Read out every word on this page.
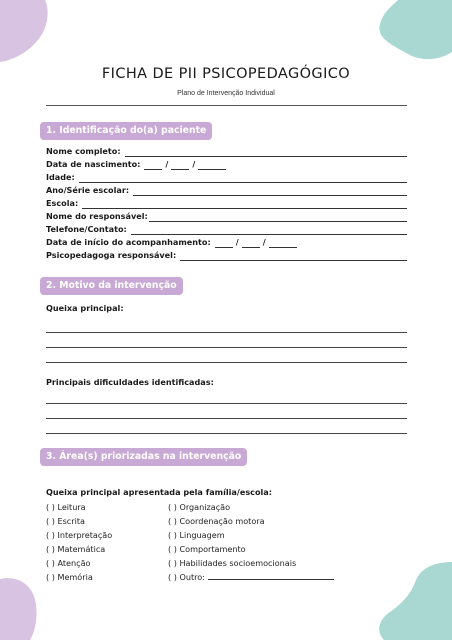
FICHA DE PII PSICOPEDAGÓGICO
Plano de Intervenção Individual
1. Identificação do(a) paciente
Nome completo:
Data de nascimento:	/	/
Idade:
Ano/Série escolar:
Escola:
Nome do responsável:
Telefone/Contato:
Data de início do acompanhamento:	/	/
Psicopedagoga responsável:
2. Motivo da intervenção
Queixa principal:
Principais dificuldades identificadas:
3. Área(s) priorizadas na intervenção
Queixa principal apresentada pela família/escola:
( ) Leitura
( ) Escrita
( ) Interpretação
( ) Matemática
( ) Atenção
( ) Memória
( ) Organização
( ) Coordenação motora
( ) Linguagem
( ) Comportamento
( ) Habilidades socioemocionais
( ) Outro:
